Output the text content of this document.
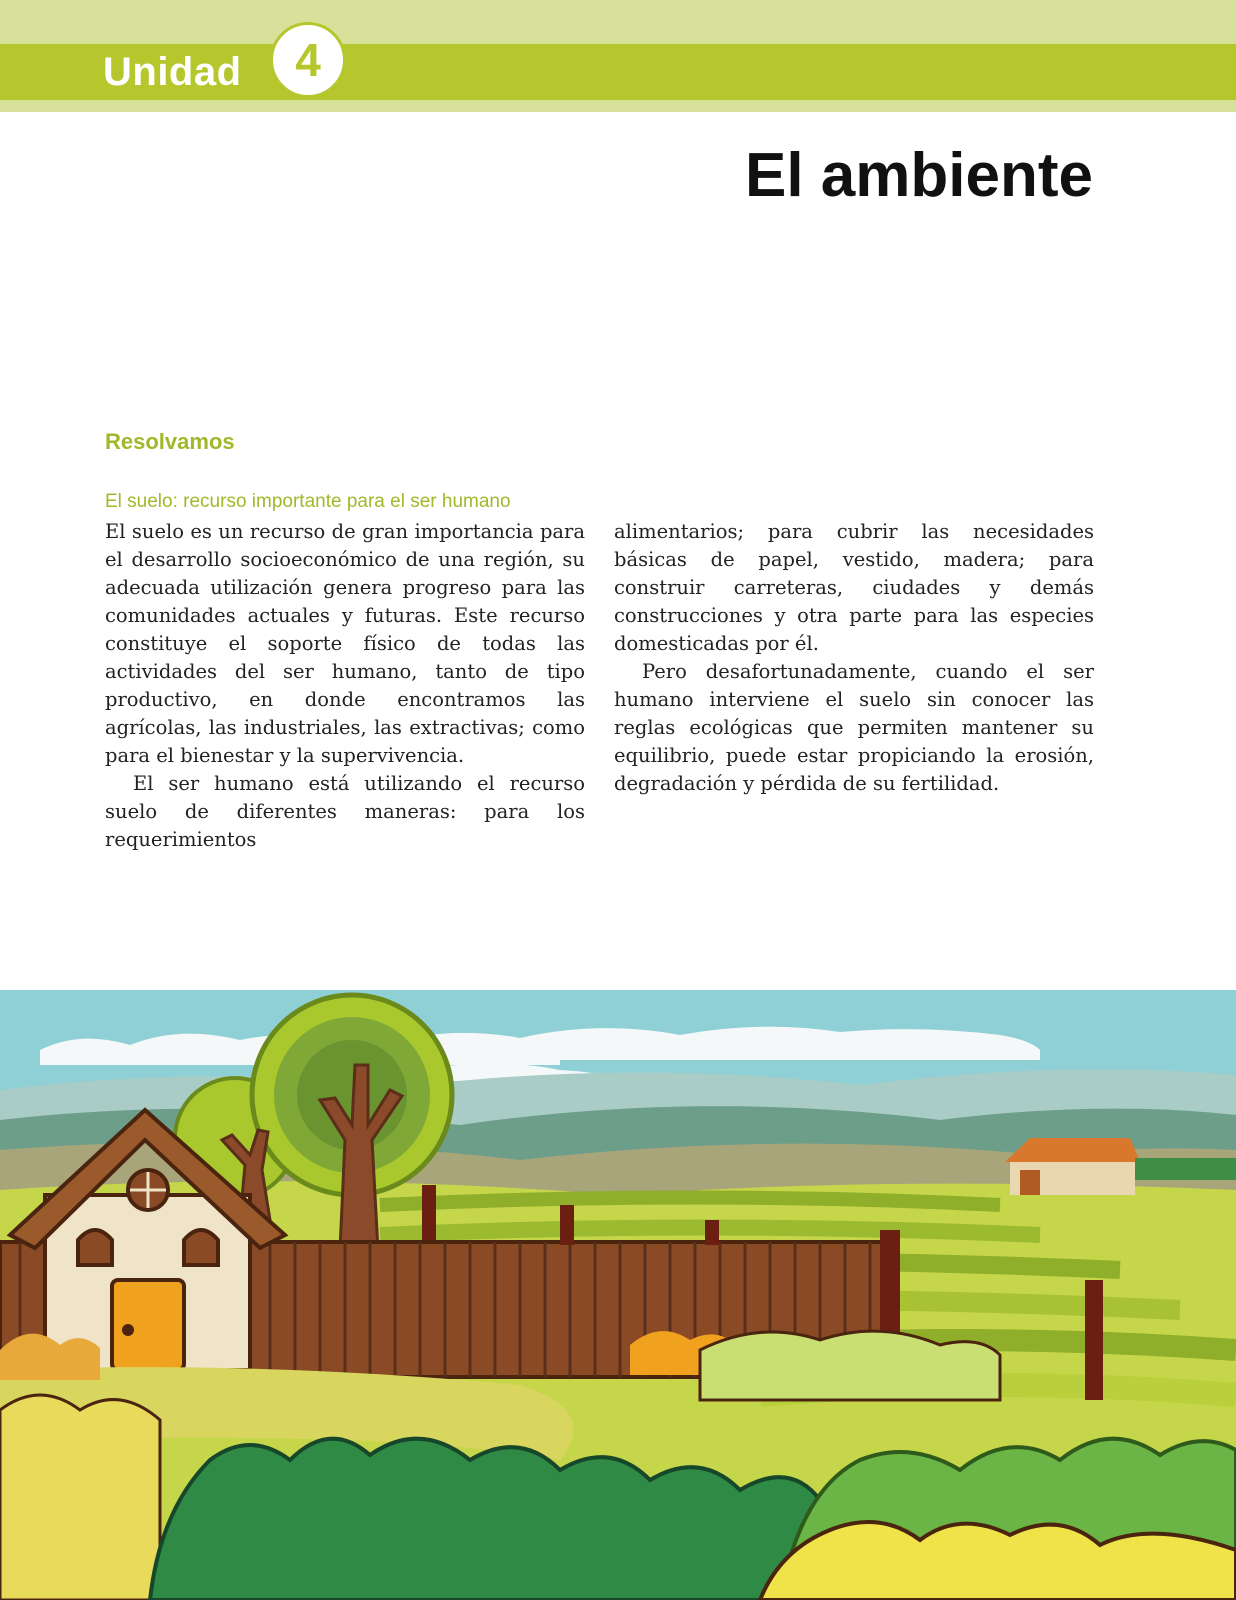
Unidad 4
El ambiente
Resolvamos
El suelo: recurso importante para el ser humano

El suelo es un recurso de gran importancia para el desarrollo socioeconómico de una región, su adecuada utilización genera progreso para las comunidades actuales y futuras. Este recurso constituye el soporte físico de todas las actividades del ser humano, tanto de tipo productivo, en donde encontramos las agrícolas, las industriales, las extractivas; como para el bienestar y la supervivencia.

El ser humano está utilizando el recurso suelo de diferentes maneras: para los requerimientos

alimentarios; para cubrir las necesidades básicas de papel, vestido, madera; para construir carreteras, ciudades y demás construcciones y otra parte para las especies domesticadas por él.

Pero desafortunadamente, cuando el ser humano interviene el suelo sin conocer las reglas ecológicas que permiten mantener su equilibrio, puede estar propiciando la erosión, degradación y pérdida de su fertilidad.
